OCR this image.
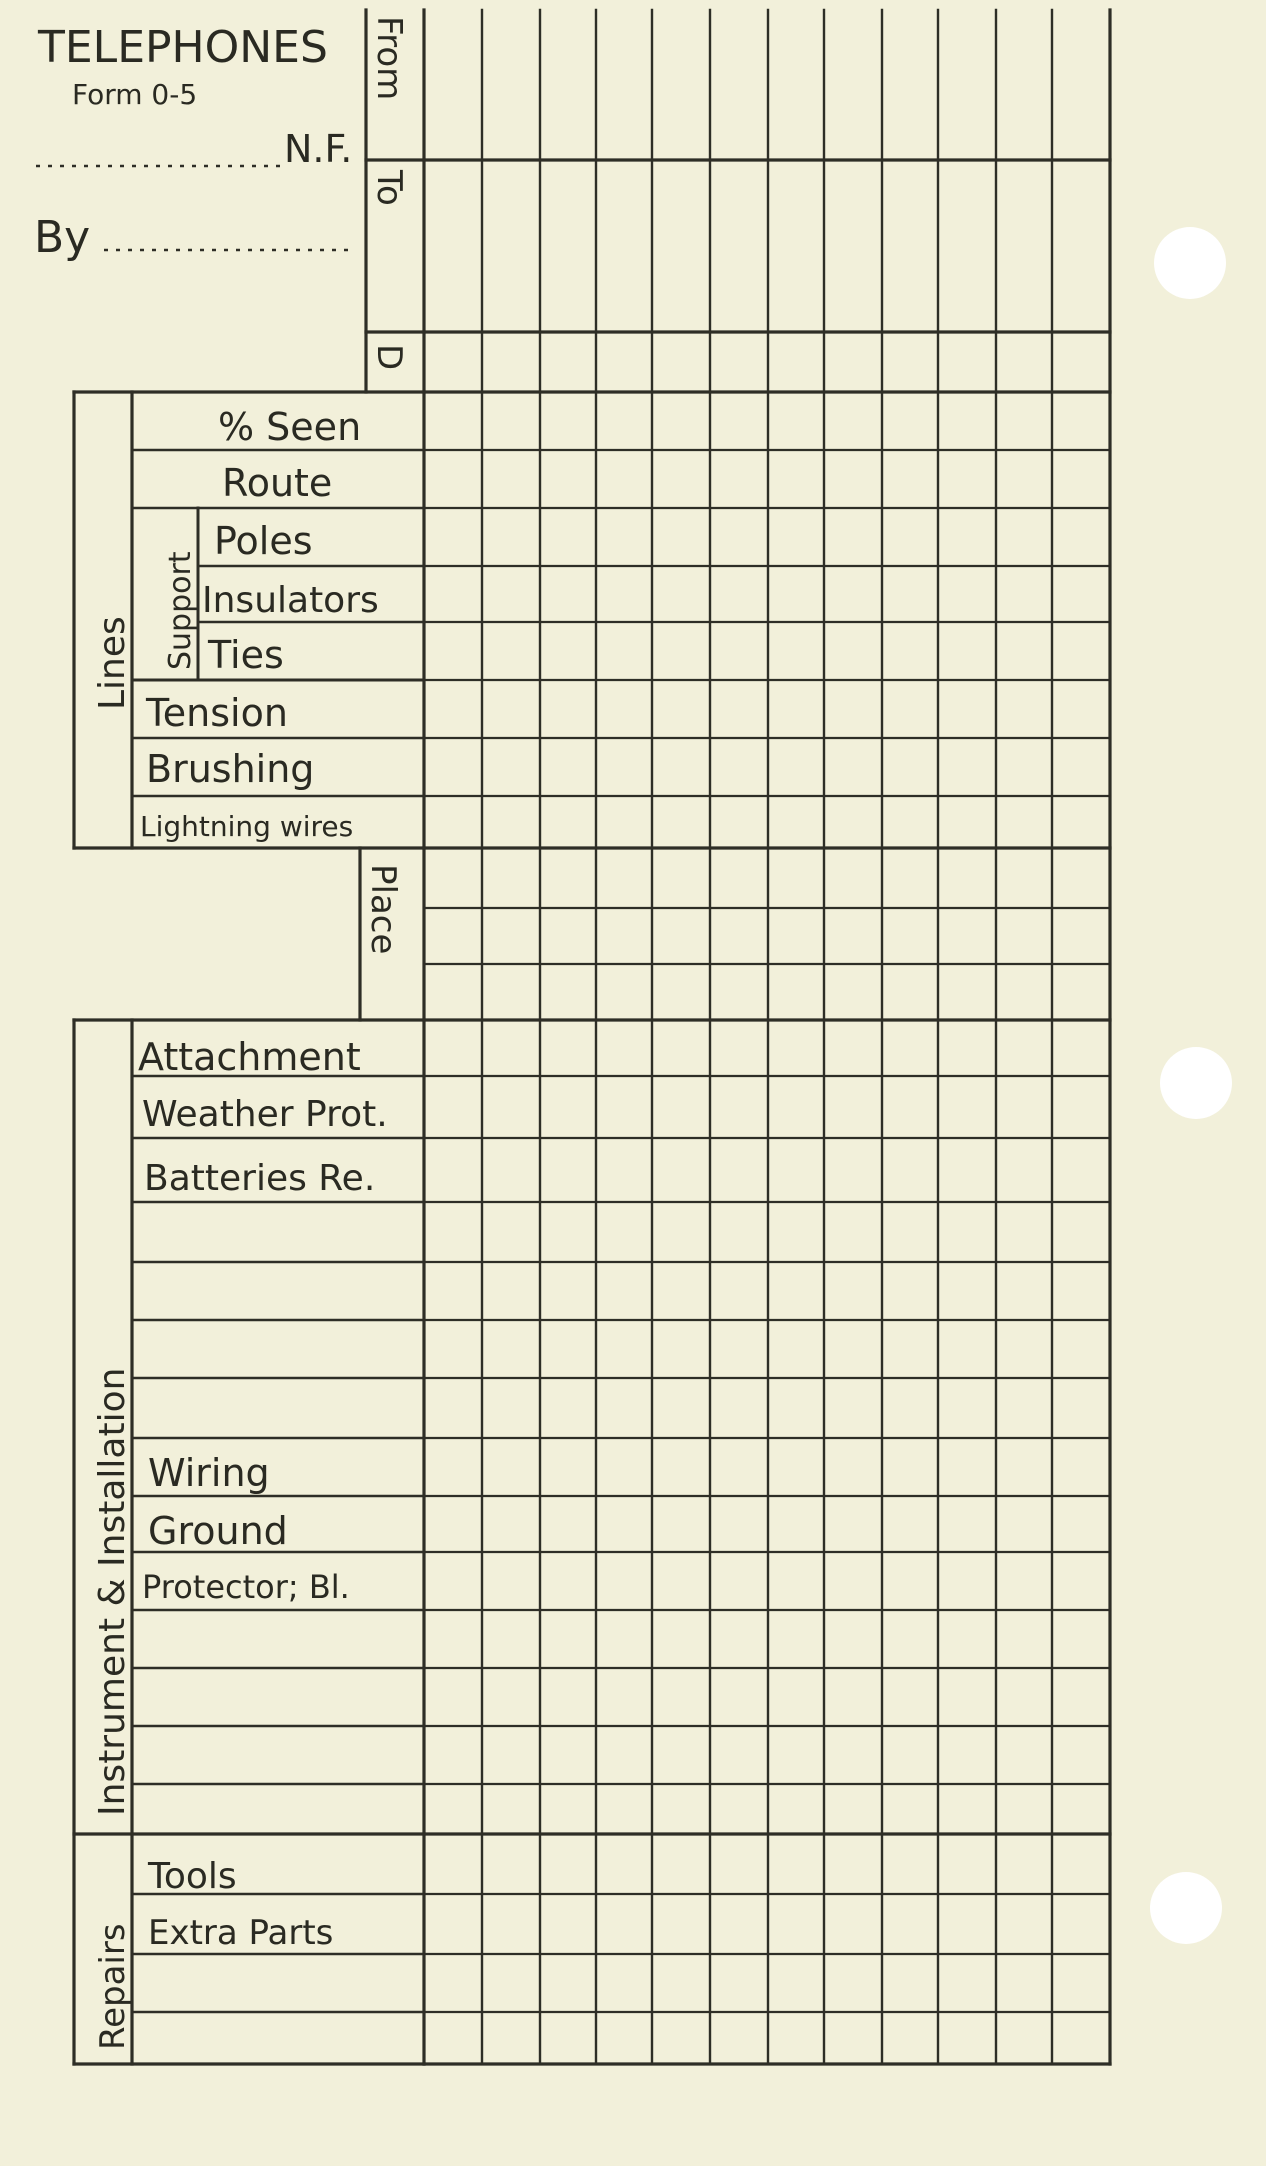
TELEPHONES
Form 0-5
N.F.
By
From
To
D
Lines Support
% Seen
Route
Poles
Insulators
Ties
Tension
Brushing
Lightning wires
Place
Instrument & Installation
Attachment
Weather Prot.
Batteries Re.
Wiring
Ground
Protector; Bl.
Repairs
Tools
Extra Parts
